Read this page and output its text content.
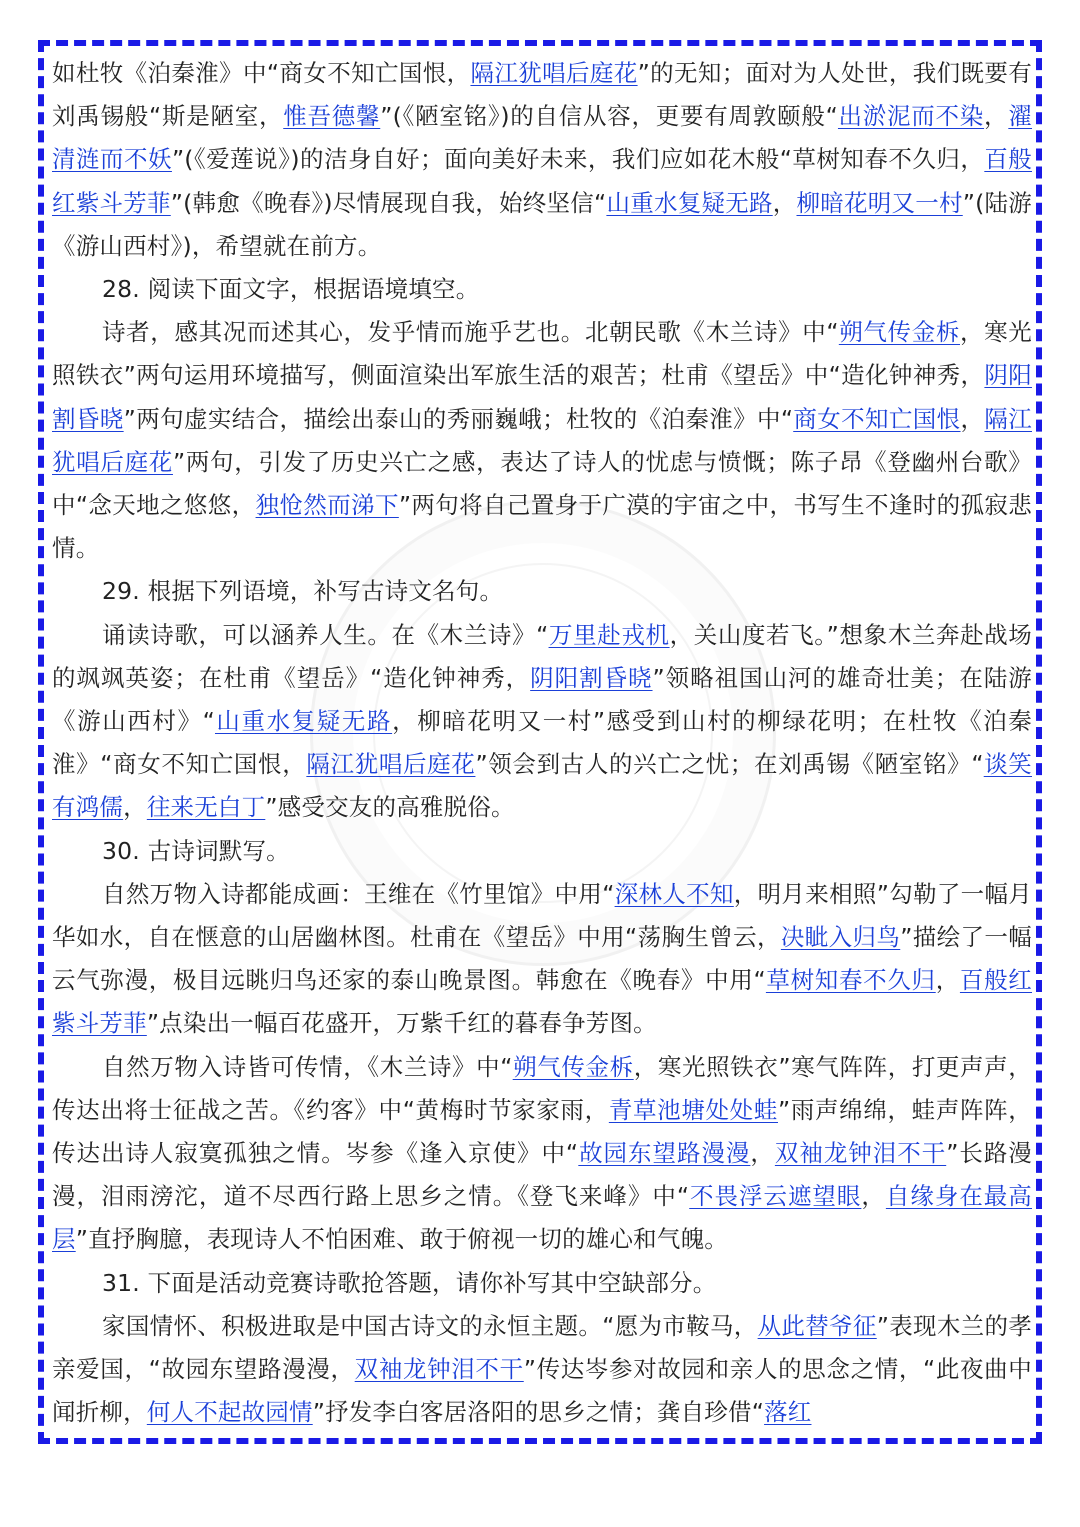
如杜牧《泊秦淮》中“商女不知亡国恨，隔江犹唱后庭花”的无知；面对为人处世，我们既要有刘禹锡般“斯是陋室，惟吾德馨”(《陋室铭》)的自信从容，更要有周敦颐般“出淤泥而不染，濯清涟而不妖”(《爱莲说》)的洁身自好；面向美好未来，我们应如花木般“草树知春不久归，百般红紫斗芳菲”(韩愈《晚春》)尽情展现自我，始终坚信“山重水复疑无路，柳暗花明又一村”(陆游《游山西村》)，希望就在前方。

28. 阅读下面文字，根据语境填空。

诗者，感其况而述其心，发乎情而施乎艺也。北朝民歌《木兰诗》中“朔气传金柝，寒光照铁衣”两句运用环境描写，侧面渲染出军旅生活的艰苦；杜甫《望岳》中“造化钟神秀，阴阳割昏晓”两句虚实结合，描绘出泰山的秀丽巍峨；杜牧的《泊秦淮》中“商女不知亡国恨，隔江犹唱后庭花”两句，引发了历史兴亡之感，表达了诗人的忧虑与愤慨；陈子昂《登幽州台歌》中“念天地之悠悠，独怆然而涕下”两句将自己置身于广漠的宇宙之中，书写生不逢时的孤寂悲情。

29. 根据下列语境，补写古诗文名句。

诵读诗歌，可以涵养人生。在《木兰诗》“万里赴戎机，关山度若飞。”想象木兰奔赴战场的飒飒英姿；在杜甫《望岳》“造化钟神秀，阴阳割昏晓”领略祖国山河的雄奇壮美；在陆游《游山西村》“山重水复疑无路，柳暗花明又一村”感受到山村的柳绿花明；在杜牧《泊秦淮》“商女不知亡国恨，隔江犹唱后庭花”领会到古人的兴亡之忧；在刘禹锡《陋室铭》“谈笑有鸿儒，往来无白丁”感受交友的高雅脱俗。

30. 古诗词默写。

自然万物入诗都能成画：王维在《竹里馆》中用“深林人不知，明月来相照”勾勒了一幅月华如水，自在惬意的山居幽林图。杜甫在《望岳》中用“荡胸生曾云，决眦入归鸟”描绘了一幅云气弥漫，极目远眺归鸟还家的泰山晚景图。韩愈在《晚春》中用“草树知春不久归，百般红紫斗芳菲”点染出一幅百花盛开，万紫千红的暮春争芳图。

自然万物入诗皆可传情，《木兰诗》中“朔气传金柝，寒光照铁衣”寒气阵阵，打更声声，传达出将士征战之苦。《约客》中“黄梅时节家家雨，青草池塘处处蛙”雨声绵绵，蛙声阵阵，传达出诗人寂寞孤独之情。岑参《逢入京使》中“故园东望路漫漫，双袖龙钟泪不干”长路漫漫，泪雨滂沱，道不尽西行路上思乡之情。《登飞来峰》中“不畏浮云遮望眼，自缘身在最高层”直抒胸臆，表现诗人不怕困难、敢于俯视一切的雄心和气魄。

31. 下面是活动竞赛诗歌抢答题，请你补写其中空缺部分。

家国情怀、积极进取是中国古诗文的永恒主题。“愿为市鞍马，从此替爷征”表现木兰的孝亲爱国，“故园东望路漫漫，双袖龙钟泪不干”传达岑参对故园和亲人的思念之情，“此夜曲中闻折柳，何人不起故园情”抒发李白客居洛阳的思乡之情；龚自珍借“落红
